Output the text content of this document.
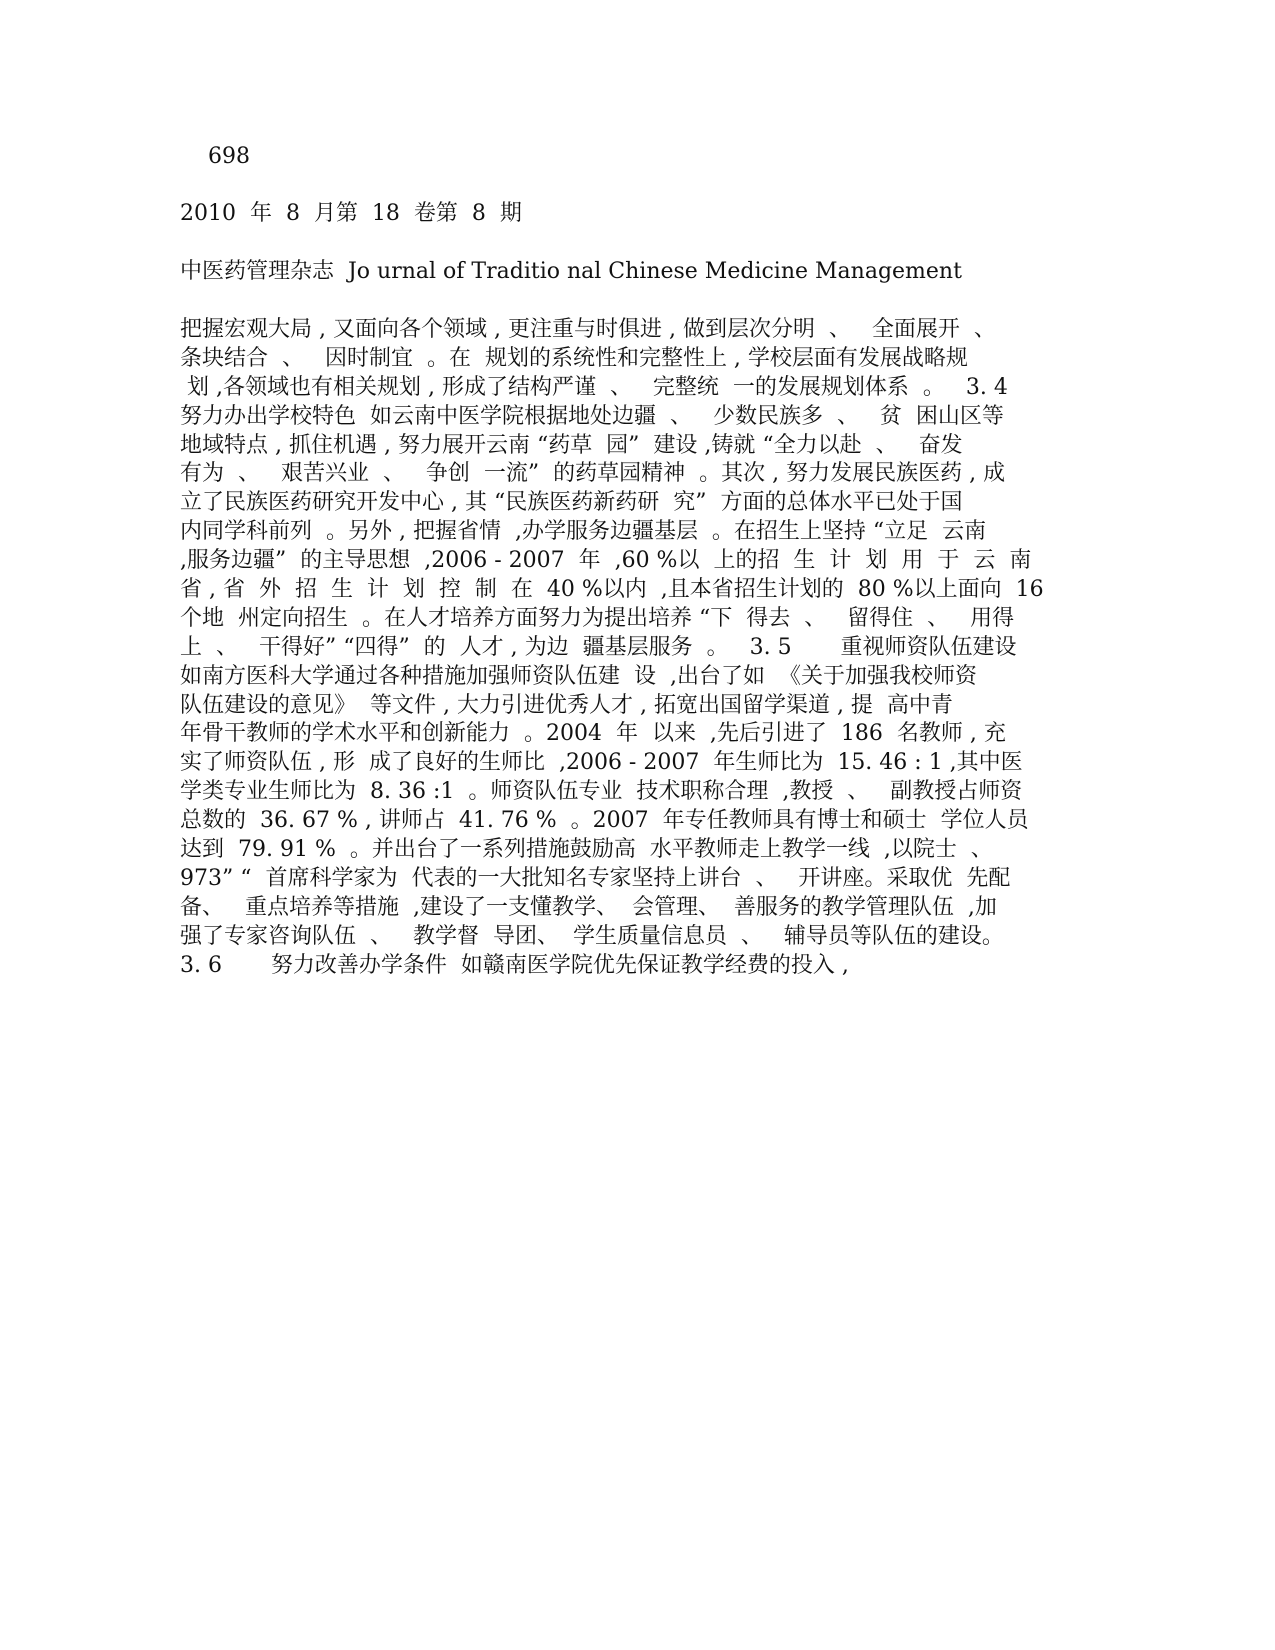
698
2010  年  8  月第  18  卷第  8  期
中医药管理杂志  Jo urnal of Traditio nal Chinese Medicine Management
把握宏观大局 , 又面向各个领域 , 更注重与时俱进 , 做到层次分明  、   全面展开  、
条块结合  、   因时制宜  。在  规划的系统性和完整性上 , 学校层面有发展战略规
划 ,各领域也有相关规划 , 形成了结构严谨  、   完整统  一的发展规划体系  。   3. 4
努力办出学校特色  如云南中医学院根据地处边疆  、   少数民族多  、   贫  困山区等
地域特点 , 抓住机遇 , 努力展开云南 “药草  园”  建设 ,铸就 “全力以赴  、   奋发
有为  、   艰苦兴业  、   争创  一流”  的药草园精神  。其次 , 努力发展民族医药 , 成
立了民族医药研究开发中心 , 其 “民族医药新药研  究”  方面的总体水平已处于国
内同学科前列  。另外 , 把握省情  ,办学服务边疆基层  。在招生上坚持 “立足  云南
,服务边疆”  的主导思想  ,2006 - 2007  年  ,60 %以  上的招  生  计  划  用  于  云  南
省 , 省  外  招  生  计  划  控  制  在  40 %以内  ,且本省招生计划的  80 %以上面向  16
个地  州定向招生  。在人才培养方面努力为提出培养 “下  得去  、   留得住  、   用得
上  、   干得好” “四得”  的  人才 , 为边  疆基层服务  。   3. 5       重视师资队伍建设
如南方医科大学通过各种措施加强师资队伍建  设  ,出台了如  《关于加强我校师资
队伍建设的意见》  等文件 , 大力引进优秀人才 , 拓宽出国留学渠道 , 提  高中青
年骨干教师的学术水平和创新能力  。2004  年  以来  ,先后引进了  186  名教师 , 充
实了师资队伍 , 形  成了良好的生师比  ,2006 - 2007  年生师比为  15. 46 : 1 ,其中医
学类专业生师比为  8. 36 :1  。师资队伍专业  技术职称合理  ,教授  、   副教授占师资
总数的  36. 67 % , 讲师占  41. 76 %  。2007  年专任教师具有博士和硕士  学位人员
达到  79. 91 %  。并出台了一系列措施鼓励高  水平教师走上教学一线  ,以院士  、
973” “  首席科学家为  代表的一大批知名专家坚持上讲台  、   开讲座。采取优  先配
备、   重点培养等措施  ,建设了一支懂教学、  会管理、  善服务的教学管理队伍  ,加
强了专家咨询队伍  、   教学督  导团、  学生质量信息员  、   辅导员等队伍的建设。
3. 6       努力改善办学条件  如赣南医学院优先保证教学经费的投入 ,
